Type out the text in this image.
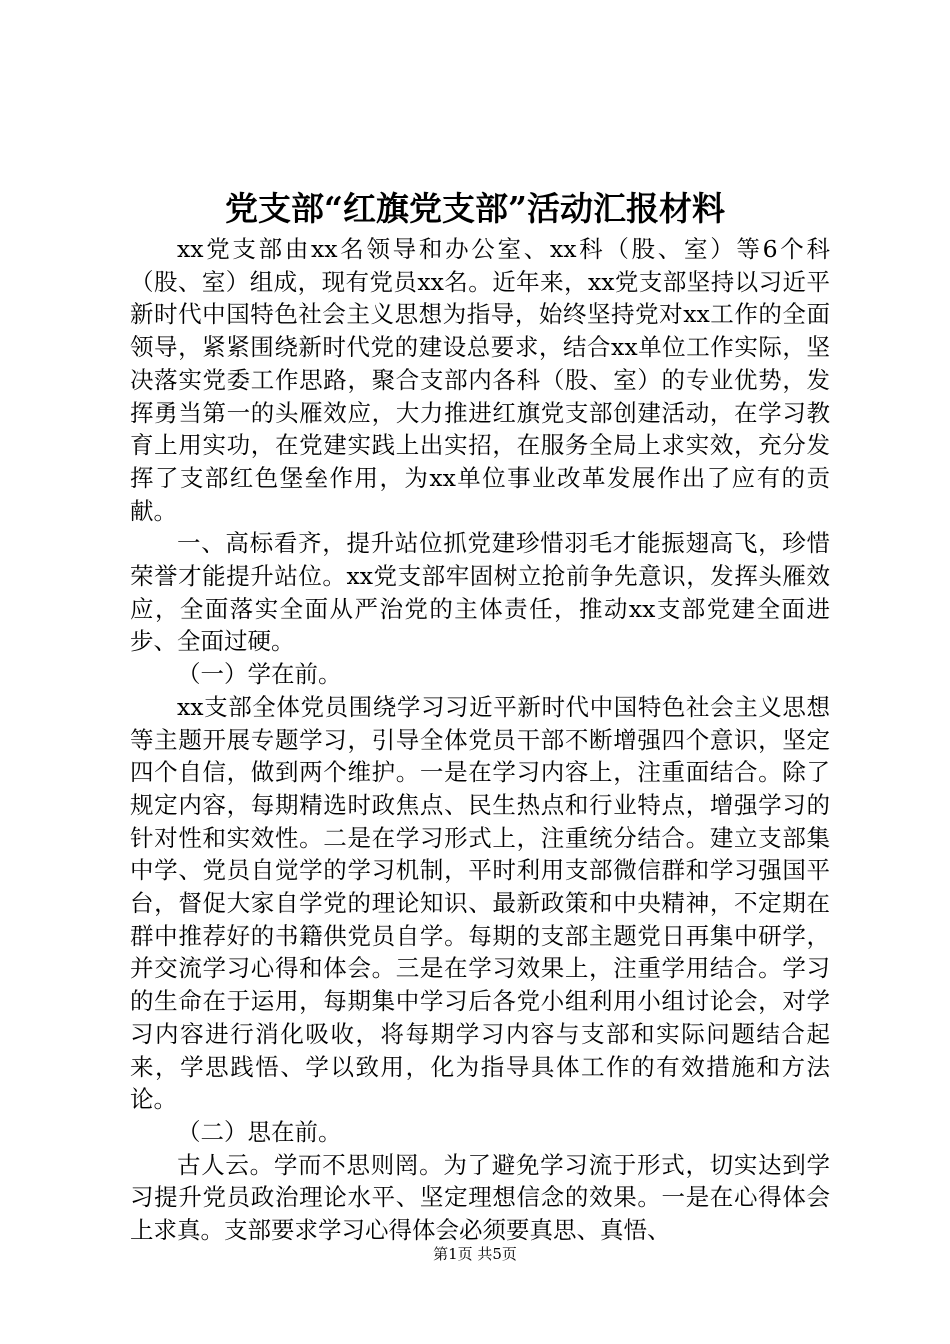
党支部“红旗党支部”活动汇报材料

xx党支部由xx名领导和办公室、xx科（股、室）等6个科（股、室）组成，现有党员xx名。近年来，xx党支部坚持以习近平新时代中国特色社会主义思想为指导，始终坚持党对xx工作的全面领导，紧紧围绕新时代党的建设总要求，结合xx单位工作实际，坚决落实党委工作思路，聚合支部内各科（股、室）的专业优势，发挥勇当第一的头雁效应，大力推进红旗党支部创建活动，在学习教育上用实功，在党建实践上出实招，在服务全局上求实效，充分发挥了支部红色堡垒作用，为xx单位事业改革发展作出了应有的贡献。

一、高标看齐，提升站位抓党建珍惜羽毛才能振翅高飞，珍惜荣誉才能提升站位。xx党支部牢固树立抢前争先意识，发挥头雁效应，全面落实全面从严治党的主体责任，推动xx支部党建全面进步、全面过硬。

（一）学在前。

xx支部全体党员围绕学习习近平新时代中国特色社会主义思想等主题开展专题学习，引导全体党员干部不断增强四个意识，坚定四个自信，做到两个维护。一是在学习内容上，注重面结合。除了规定内容，每期精选时政焦点、民生热点和行业特点，增强学习的针对性和实效性。二是在学习形式上，注重统分结合。建立支部集中学、党员自觉学的学习机制，平时利用支部微信群和学习强国平台，督促大家自学党的理论知识、最新政策和中央精神，不定期在群中推荐好的书籍供党员自学。每期的支部主题党日再集中研学，并交流学习心得和体会。三是在学习效果上，注重学用结合。学习的生命在于运用，每期集中学习后各党小组利用小组讨论会，对学习内容进行消化吸收，将每期学习内容与支部和实际问题结合起来，学思践悟、学以致用，化为指导具体工作的有效措施和方法论。

（二）思在前。

古人云。学而不思则罔。为了避免学习流于形式，切实达到学习提升党员政治理论水平、坚定理想信念的效果。一是在心得体会上求真。支部要求学习心得体会必须要真思、真悟、

第1页 共5页
